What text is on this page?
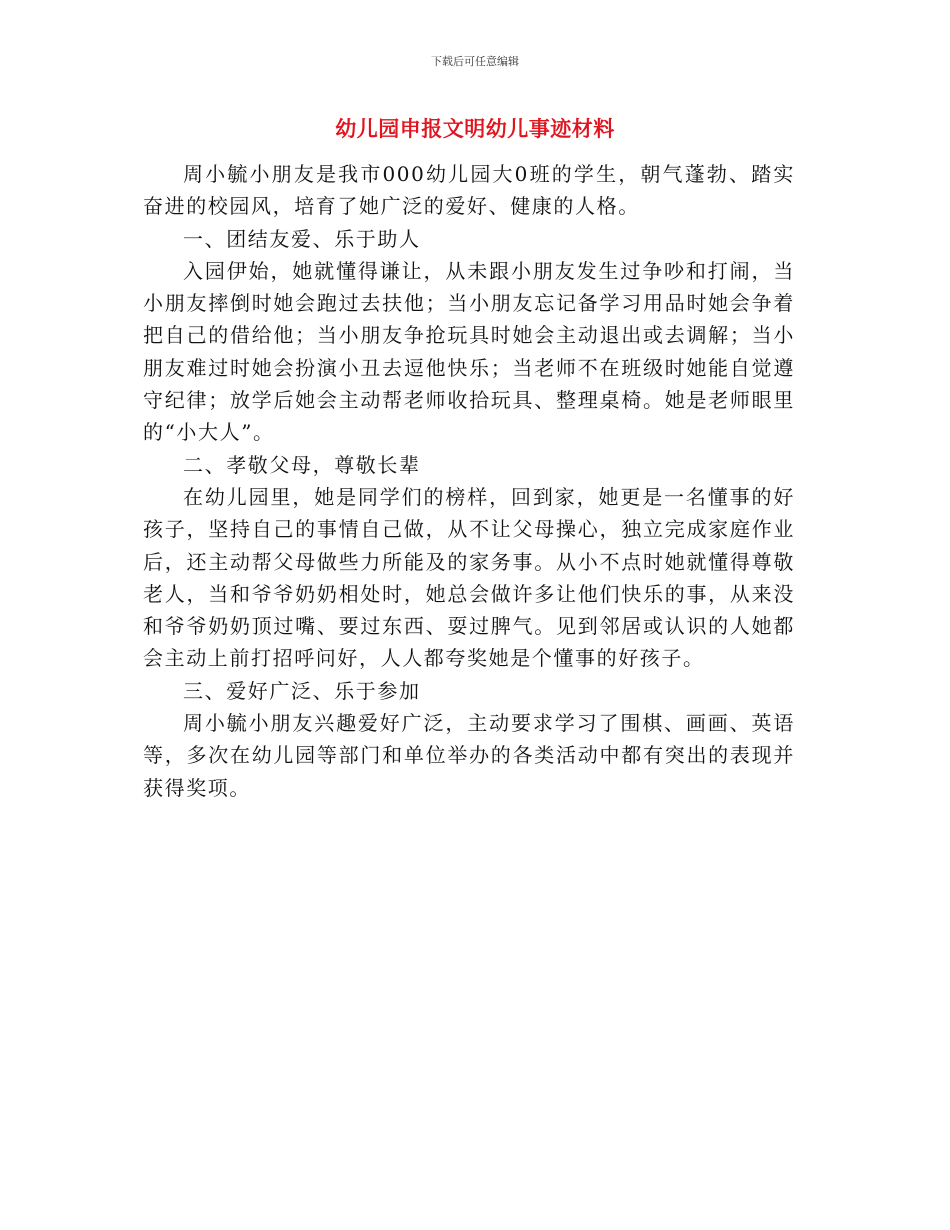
下载后可任意编辑
幼儿园申报文明幼儿事迹材料

周小毓小朋友是我市000幼儿园大0班的学生，朝气蓬勃、踏实奋进的校园风，培育了她广泛的爱好、健康的人格。

一、团结友爱、乐于助人

入园伊始，她就懂得谦让，从未跟小朋友发生过争吵和打闹，当小朋友摔倒时她会跑过去扶他；当小朋友忘记备学习用品时她会争着把自己的借给他；当小朋友争抢玩具时她会主动退出或去调解；当小朋友难过时她会扮演小丑去逗他快乐；当老师不在班级时她能自觉遵守纪律；放学后她会主动帮老师收拾玩具、整理桌椅。她是老师眼里的“小大人”。

二、孝敬父母，尊敬长辈

在幼儿园里，她是同学们的榜样，回到家，她更是一名懂事的好孩子，坚持自己的事情自己做，从不让父母操心，独立完成家庭作业后，还主动帮父母做些力所能及的家务事。从小不点时她就懂得尊敬老人，当和爷爷奶奶相处时，她总会做许多让他们快乐的事，从来没和爷爷奶奶顶过嘴、要过东西、耍过脾气。见到邻居或认识的人她都会主动上前打招呼问好，人人都夸奖她是个懂事的好孩子。

三、爱好广泛、乐于参加

周小毓小朋友兴趣爱好广泛，主动要求学习了围棋、画画、英语等，多次在幼儿园等部门和单位举办的各类活动中都有突出的表现并获得奖项。
